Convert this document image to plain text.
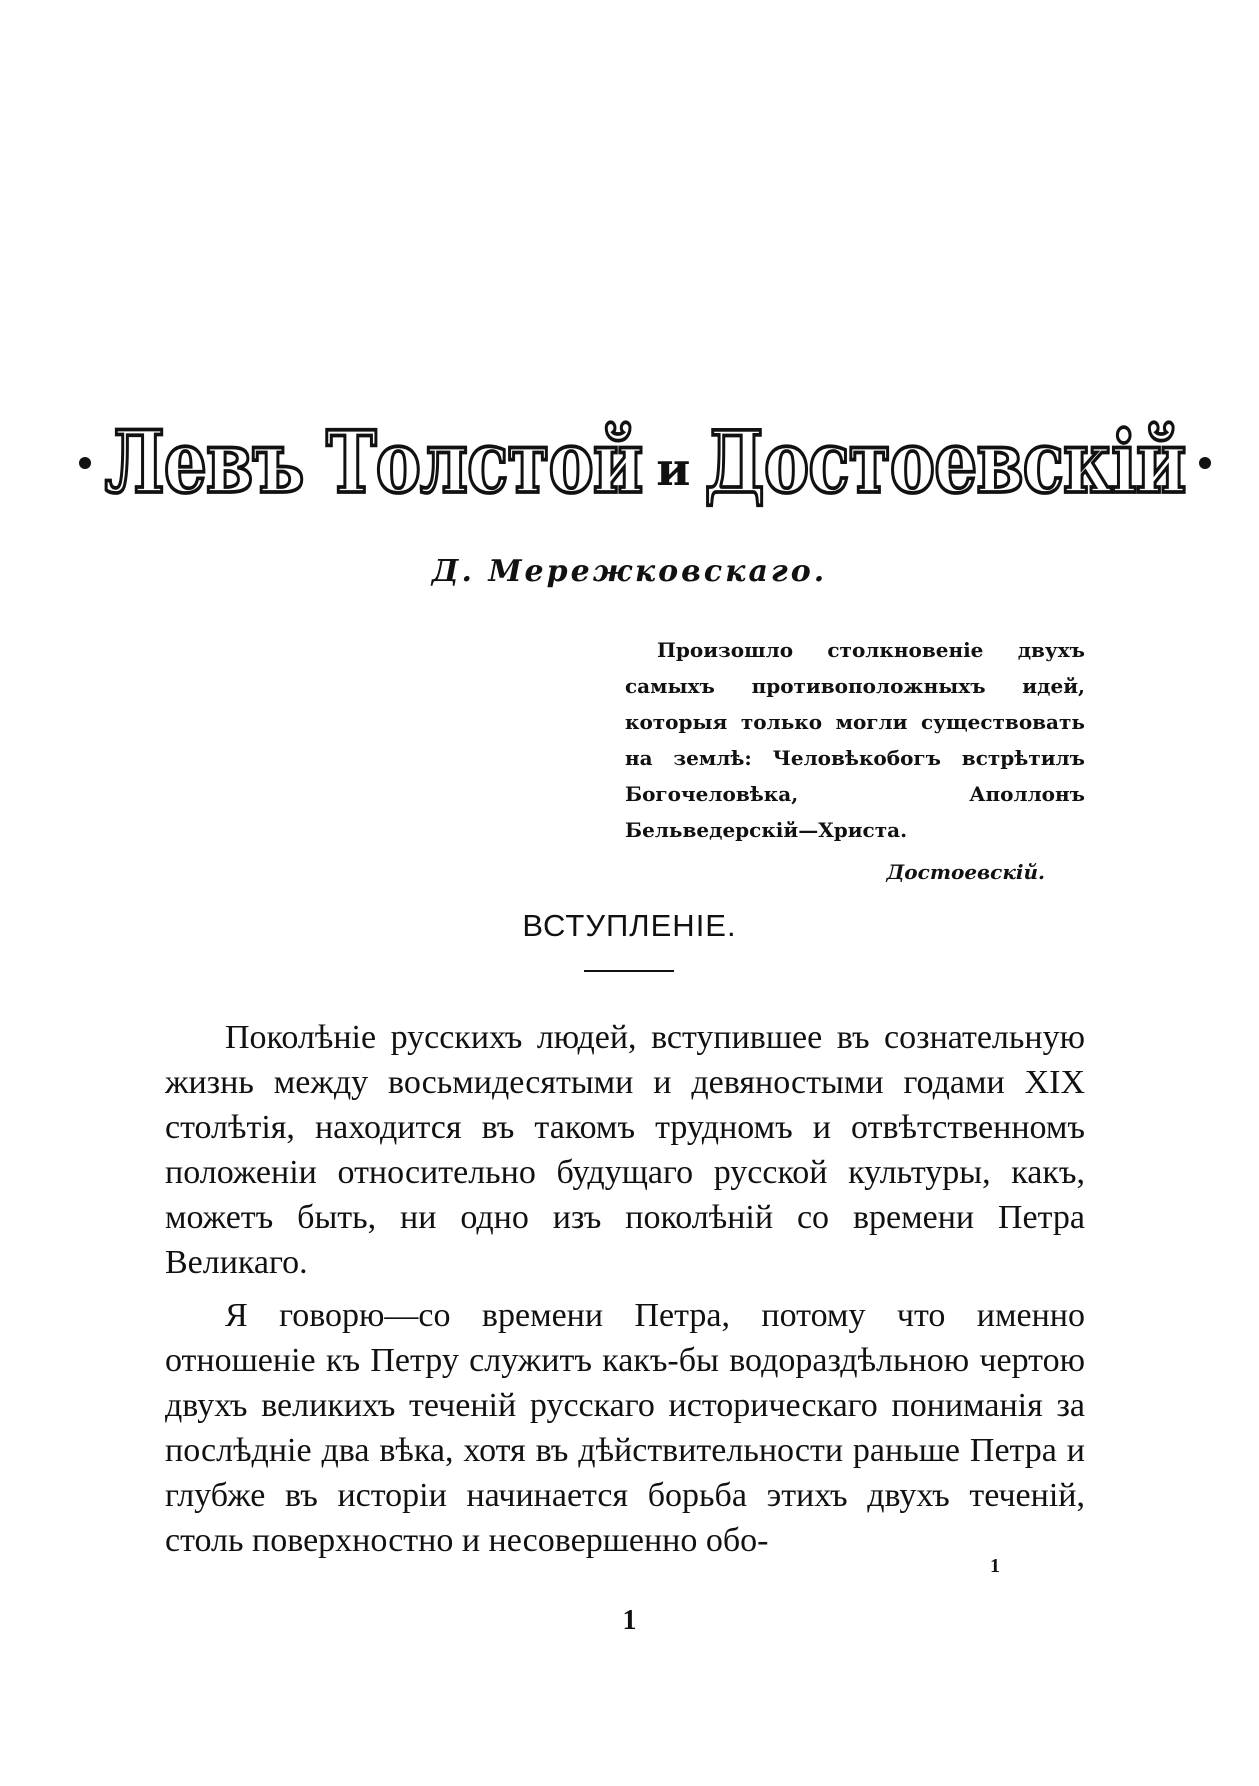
Левъ Толстой и Достоевскій
Д. Мережковскаго.
Произошло столкновеніе двухъ самыхъ противоположныхъ идей, которыя только могли существовать на землѣ: Человѣкобогъ встрѣтилъ Богочеловѣка, Аполлонъ Бельведерскій—Христа.
Достоевскій.
ВСТУПЛЕНІЕ.

Поколѣніе русскихъ людей, вступившее въ сознательную жизнь между восьмидесятыми и девяностыми годами XIX столѣтія, находится въ такомъ трудномъ и отвѣтственномъ положеніи относительно будущаго русской культуры, какъ, можетъ быть, ни одно изъ поколѣній со времени Петра Великаго.

Я говорю—со времени Петра, потому что именно отношеніе къ Петру служитъ какъ-бы водораздѣльною чертою двухъ великихъ теченій русскаго историческаго пониманія за послѣдніе два вѣка, хотя въ дѣйствительности раньше Петра и глубже въ исторіи начинается борьба этихъ двухъ теченій, столь поверхностно и несовершенно обо-

1
1
